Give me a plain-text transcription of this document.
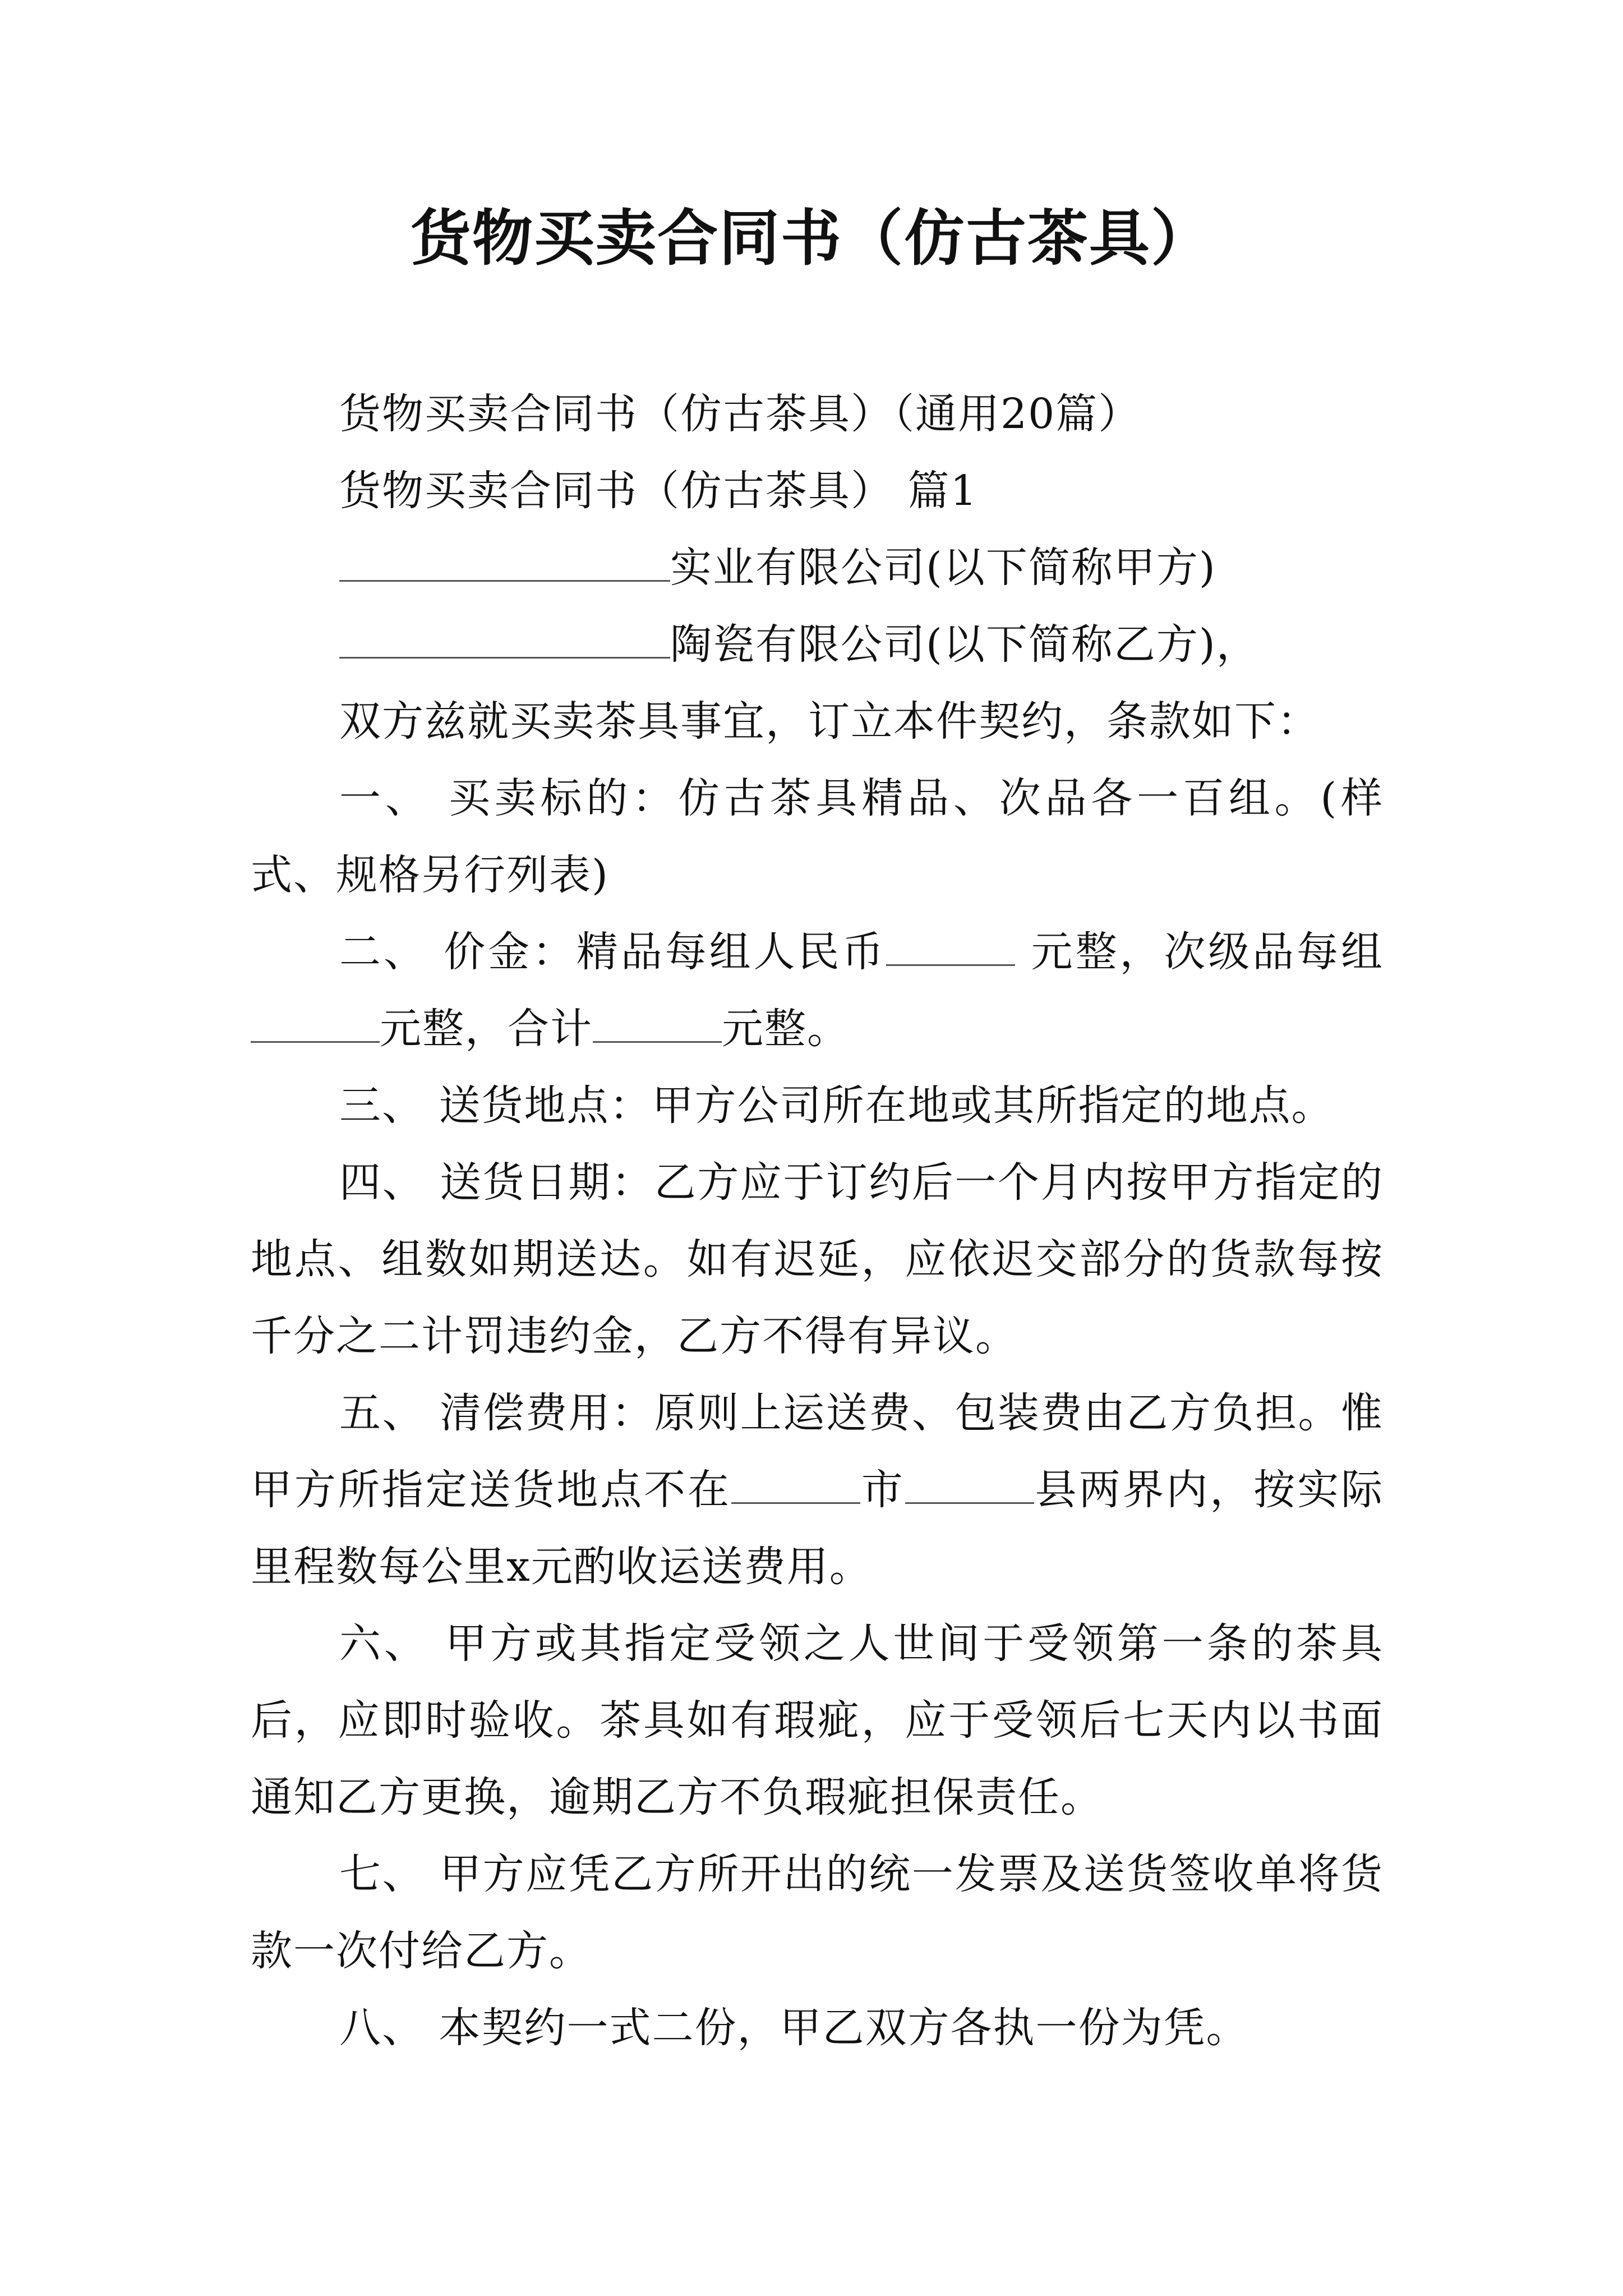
货物买卖合同书（仿古茶具）

货物买卖合同书（仿古茶具）（通用20篇）

货物买卖合同书（仿古茶具） 篇1

实业有限公司(以下简称甲方)

陶瓷有限公司(以下简称乙方)，

双方兹就买卖茶具事宜，订立本件契约，条款如下：

一、 买卖标的：仿古茶具精品、次品各一百组。(样式、规格另行列表)

二、 价金：精品每组人民币	元整，次级品每组元整，合计	元整。

三、 送货地点：甲方公司所在地或其所指定的地点。

四、 送货日期：乙方应于订约后一个月内按甲方指定的地点、组数如期送达。如有迟延，应依迟交部分的货款每按千分之二计罚违约金，乙方不得有异议。

五、 清偿费用：原则上运送费、包装费由乙方负担。惟甲方所指定送货地点不在	市	县两界内，按实际里程数每公里x元酌收运送费用。

六、 甲方或其指定受领之人世间于受领第一条的茶具后，应即时验收。茶具如有瑕疵，应于受领后七天内以书面通知乙方更换，逾期乙方不负瑕疵担保责任。

七、 甲方应凭乙方所开出的统一发票及送货签收单将货款一次付给乙方。

八、 本契约一式二份，甲乙双方各执一份为凭。
